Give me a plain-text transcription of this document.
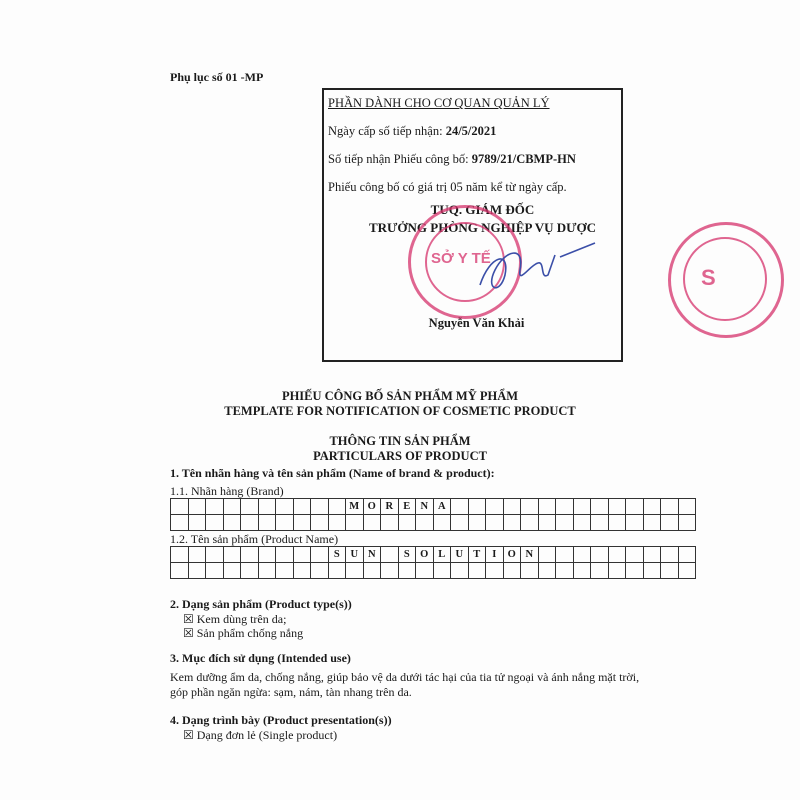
Phụ lục số 01 -MP
S
PHẦN DÀNH CHO CƠ QUAN QUẢN LÝ
Ngày cấp số tiếp nhận: 24/5/2021
Số tiếp nhận Phiếu công bố: 9789/21/CBMP-HN
Phiếu công bố có giá trị 05 năm kể từ ngày cấp.
TUQ. GIÁM ĐỐC
TRƯỞNG PHÒNG NGHIỆP VỤ DƯỢC
Nguyễn Văn Khải
SỞ Y TẾ
PHIẾU CÔNG BỐ SẢN PHẨM MỸ PHẨM
TEMPLATE FOR NOTIFICATION OF COSMETIC PRODUCT
THÔNG TIN SẢN PHẨM
PARTICULARS OF PRODUCT
1. Tên nhãn hàng và tên sản phẩm (Name of brand & product):
1.1. Nhãn hàng (Brand)
										M	O	R	E	N	A														

1.2. Tên sản phẩm (Product Name)
									S	U	N		S	O	L	U	T	I	O	N									

2. Dạng sản phẩm (Product type(s))
☒ Kem dùng trên da;
☒ Sản phẩm chống nắng
3. Mục đích sử dụng (Intended use)
Kem dưỡng ẩm da, chống nắng, giúp bảo vệ da dưới tác hại của tia tử ngoại và ánh nắng mặt trời,
góp phần ngăn ngừa: sạm, nám, tàn nhang trên da.
4. Dạng trình bày (Product presentation(s))
☒ Dạng đơn lẻ (Single product)
